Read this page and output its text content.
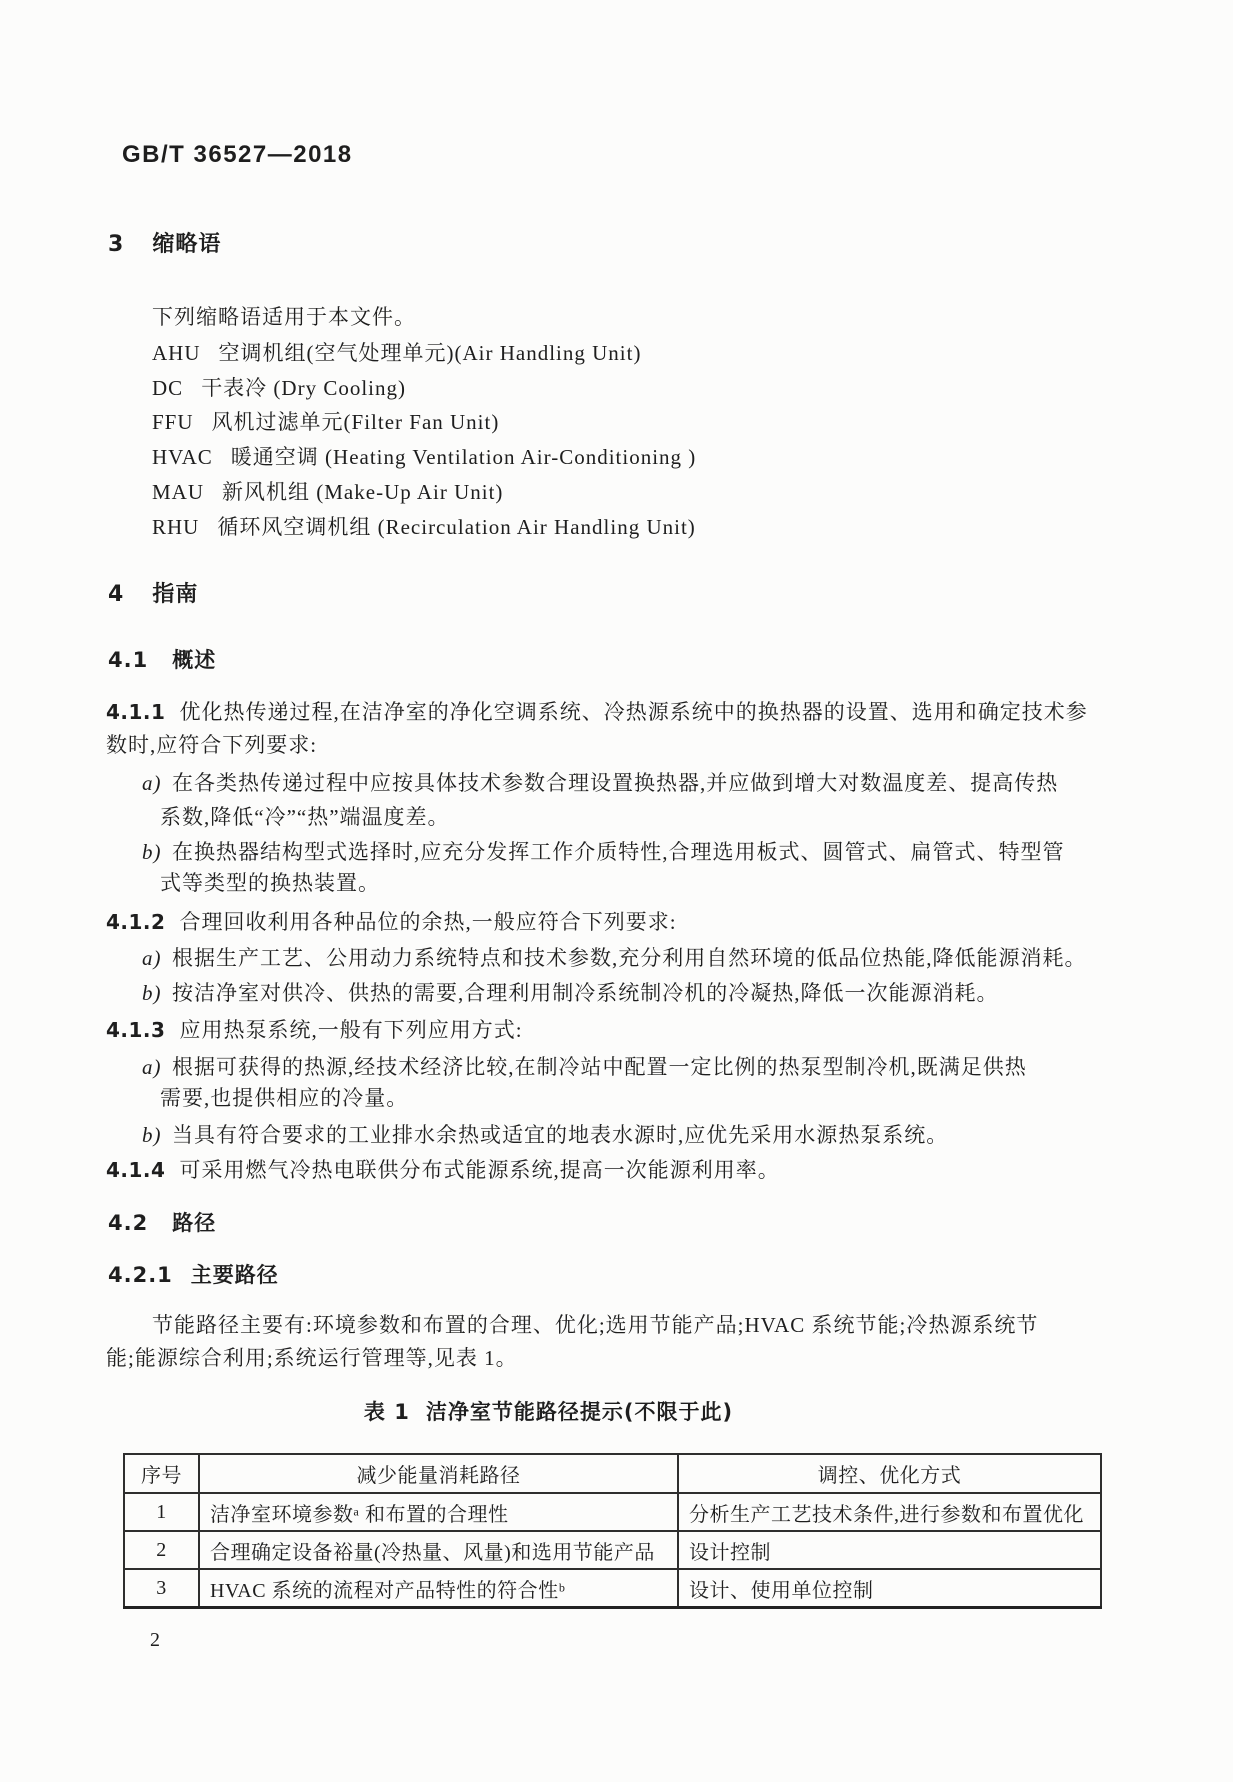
GB/T 36527—2018
3 缩略语
下列缩略语适用于本文件。
AHU 空调机组(空气处理单元)(Air Handling Unit)
DC 干表冷 (Dry Cooling)
FFU 风机过滤单元(Filter Fan Unit)
HVAC 暖通空调 (Heating Ventilation Air-Conditioning )
MAU 新风机组 (Make-Up Air Unit)
RHU 循环风空调机组 (Recirculation Air Handling Unit)
4 指南
4.1 概述
4.1.1 优化热传递过程,在洁净室的净化空调系统、冷热源系统中的换热器的设置、选用和确定技术参
数时,应符合下列要求:
a) 在各类热传递过程中应按具体技术参数合理设置换热器,并应做到增大对数温度差、提高传热
系数,降低“冷”“热”端温度差。
b) 在换热器结构型式选择时,应充分发挥工作介质特性,合理选用板式、圆管式、扁管式、特型管
式等类型的换热装置。
4.1.2 合理回收利用各种品位的余热,一般应符合下列要求:
a) 根据生产工艺、公用动力系统特点和技术参数,充分利用自然环境的低品位热能,降低能源消耗。
b) 按洁净室对供冷、供热的需要,合理利用制冷系统制冷机的冷凝热,降低一次能源消耗。
4.1.3 应用热泵系统,一般有下列应用方式:
a) 根据可获得的热源,经技术经济比较,在制冷站中配置一定比例的热泵型制冷机,既满足供热
需要,也提供相应的冷量。
b) 当具有符合要求的工业排水余热或适宜的地表水源时,应优先采用水源热泵系统。
4.1.4 可采用燃气冷热电联供分布式能源系统,提高一次能源利用率。
4.2 路径
4.2.1 主要路径
节能路径主要有:环境参数和布置的合理、优化;选用节能产品;HVAC 系统节能;冷热源系统节
能;能源综合利用;系统运行管理等,见表 1。
表 1 洁净室节能路径提示(不限于此)
序号	减少能量消耗路径	调控、优化方式
1	洁净室环境参数ᵃ 和布置的合理性	分析生产工艺技术条件,进行参数和布置优化
2	合理确定设备裕量(冷热量、风量)和选用节能产品	设计控制
3	HVAC 系统的流程对产品特性的符合性ᵇ	设计、使用单位控制
2
